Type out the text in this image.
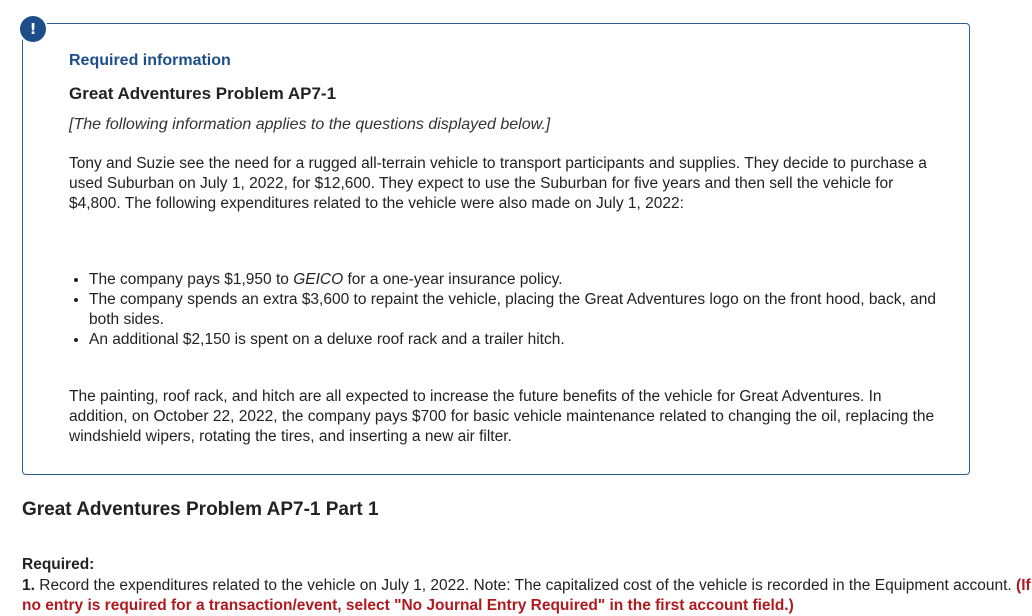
!
Required information
Great Adventures Problem AP7-1

[The following information applies to the questions displayed below.]

Tony and Suzie see the need for a rugged all-terrain vehicle to transport participants and supplies. They decide to purchase a used Suburban on July 1, 2022, for $12,600. They expect to use the Suburban for five years and then sell the vehicle for $4,800. The following expenditures related to the vehicle were also made on July 1, 2022:

• The company pays $1,950 to GEICO for a one-year insurance policy.
• The company spends an extra $3,600 to repaint the vehicle, placing the Great Adventures logo on the front hood, back, and both sides.
• An additional $2,150 is spent on a deluxe roof rack and a trailer hitch.

The painting, roof rack, and hitch are all expected to increase the future benefits of the vehicle for Great Adventures. In addition, on October 22, 2022, the company pays $700 for basic vehicle maintenance related to changing the oil, replacing the windshield wipers, rotating the tires, and inserting a new air filter.

Great Adventures Problem AP7-1 Part 1

Required:

1. Record the expenditures related to the vehicle on July 1, 2022. Note: The capitalized cost of the vehicle is recorded in the Equipment account. (If no entry is required for a transaction/event, select "No Journal Entry Required" in the first account field.)
